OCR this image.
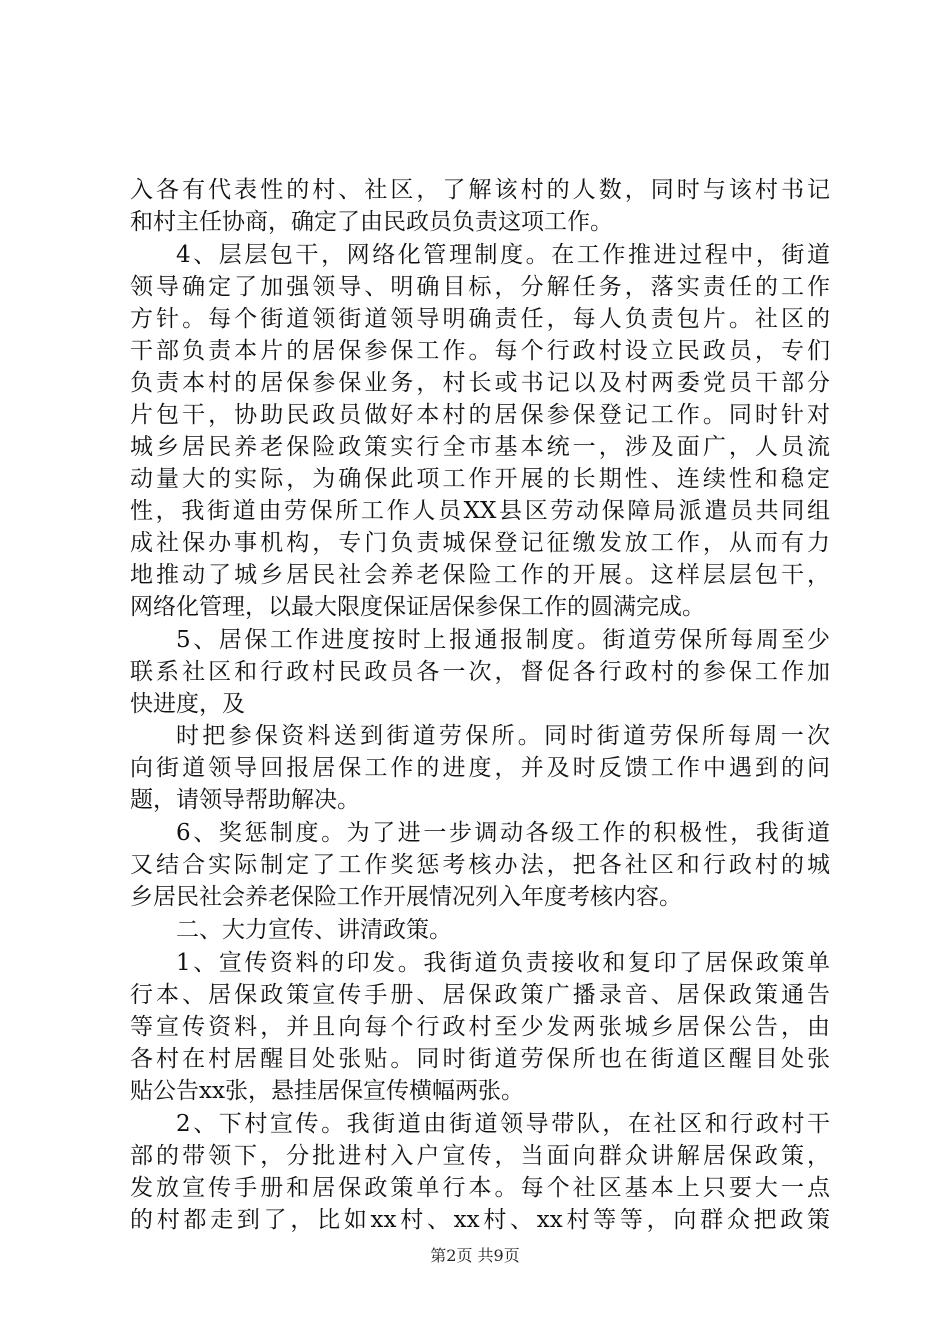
入各有代表性的村、社区，了解该村的人数，同时与该村书记
和村主任协商，确定了由民政员负责这项工作。
4、层层包干，网络化管理制度。在工作推进过程中，街道
领导确定了加强领导、明确目标，分解任务，落实责任的工作
方针。每个街道领街道领导明确责任，每人负责包片。社区的
干部负责本片的居保参保工作。每个行政村设立民政员，专们
负责本村的居保参保业务，村长或书记以及村两委党员干部分
片包干，协助民政员做好本村的居保参保登记工作。同时针对
城乡居民养老保险政策实行全市基本统一，涉及面广，人员流
动量大的实际，为确保此项工作开展的长期性、连续性和稳定
性，我街道由劳保所工作人员XX县区劳动保障局派遣员共同组
成社保办事机构，专门负责城保登记征缴发放工作，从而有力
地推动了城乡居民社会养老保险工作的开展。这样层层包干，
网络化管理，以最大限度保证居保参保工作的圆满完成。
5、居保工作进度按时上报通报制度。街道劳保所每周至少
联系社区和行政村民政员各一次，督促各行政村的参保工作加
快进度，及
时把参保资料送到街道劳保所。同时街道劳保所每周一次
向街道领导回报居保工作的进度，并及时反馈工作中遇到的问
题，请领导帮助解决。
6、奖惩制度。为了进一步调动各级工作的积极性，我街道
又结合实际制定了工作奖惩考核办法，把各社区和行政村的城
乡居民社会养老保险工作开展情况列入年度考核内容。
二、大力宣传、讲清政策。
1、宣传资料的印发。我街道负责接收和复印了居保政策单
行本、居保政策宣传手册、居保政策广播录音、居保政策通告
等宣传资料，并且向每个行政村至少发两张城乡居保公告，由
各村在村居醒目处张贴。同时街道劳保所也在街道区醒目处张
贴公告xx张，悬挂居保宣传横幅两张。
2、下村宣传。我街道由街道领导带队，在社区和行政村干
部的带领下，分批进村入户宣传，当面向群众讲解居保政策，
发放宣传手册和居保政策单行本。每个社区基本上只要大一点
的村都走到了，比如xx村、xx村、xx村等等，向群众把政策
第2页 共9页
